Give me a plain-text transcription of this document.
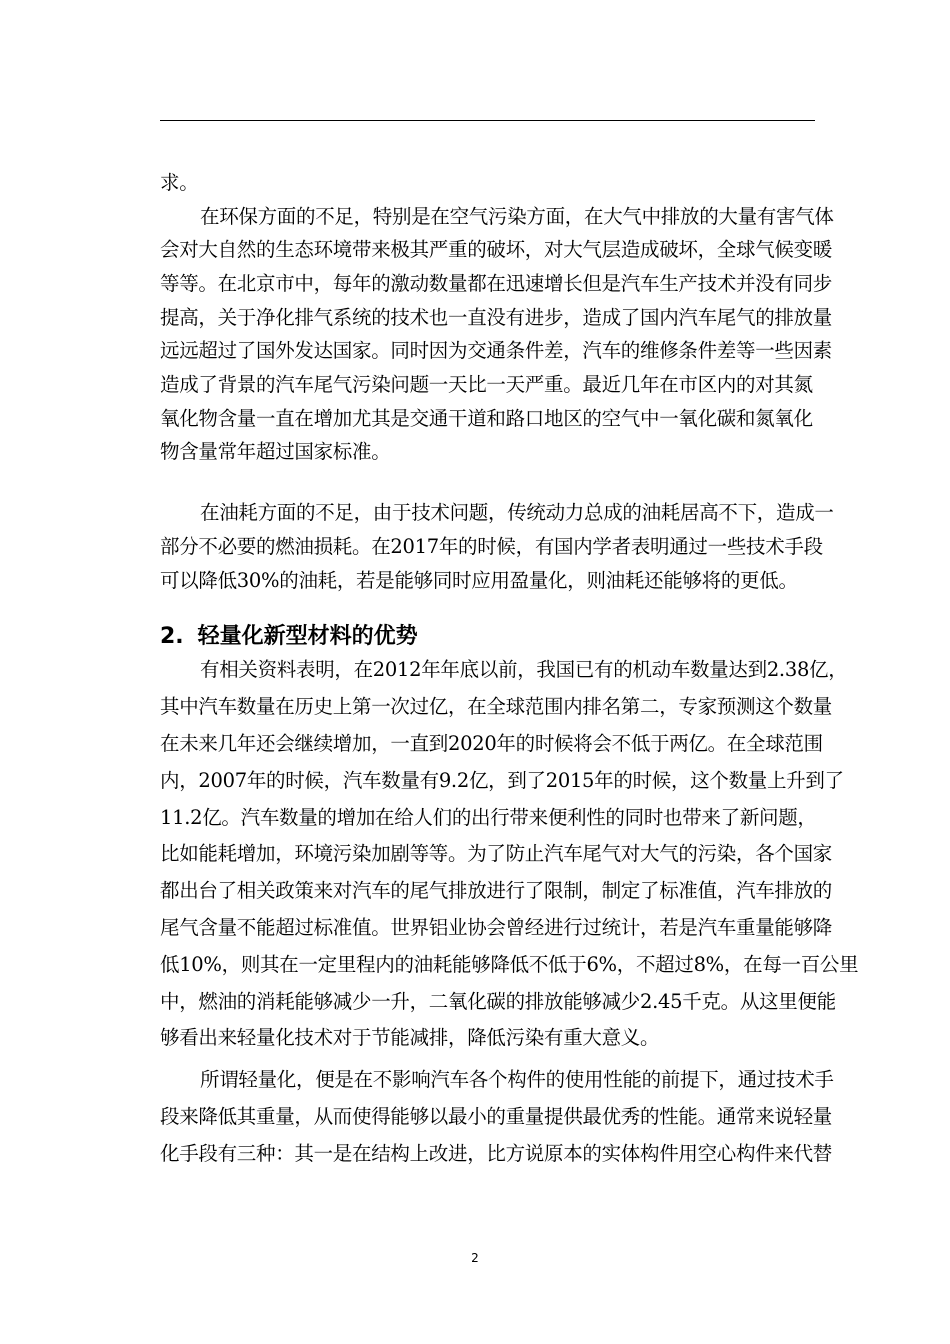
求。
在环保方面的不足，特别是在空气污染方面，在大气中排放的大量有害气体
会对大自然的生态环境带来极其严重的破坏，对大气层造成破坏，全球气候变暖
等等。在北京市中，每年的激动数量都在迅速增长但是汽车生产技术并没有同步
提高，关于净化排气系统的技术也一直没有进步，造成了国内汽车尾气的排放量
远远超过了国外发达国家。同时因为交通条件差，汽车的维修条件差等一些因素
造成了背景的汽车尾气污染问题一天比一天严重。最近几年在市区内的对其氮
氧化物含量一直在增加尤其是交通干道和路口地区的空气中一氧化碳和氮氧化
物含量常年超过国家标准。
在油耗方面的不足，由于技术问题，传统动力总成的油耗居高不下，造成一
部分不必要的燃油损耗。在2017年的时候，有国内学者表明通过一些技术手段
可以降低30%的油耗，若是能够同时应用盈量化，则油耗还能够将的更低。
2. 轻量化新型材料的优势
有相关资料表明，在2012年年底以前，我国已有的机动车数量达到2.38亿，
其中汽车数量在历史上第一次过亿，在全球范围内排名第二，专家预测这个数量
在未来几年还会继续增加，一直到2020年的时候将会不低于两亿。在全球范围
内，2007年的时候，汽车数量有9.2亿，到了2015年的时候，这个数量上升到了
11.2亿。汽车数量的增加在给人们的出行带来便利性的同时也带来了新问题，
比如能耗增加，环境污染加剧等等。为了防止汽车尾气对大气的污染，各个国家
都出台了相关政策来对汽车的尾气排放进行了限制，制定了标准值，汽车排放的
尾气含量不能超过标准值。世界铝业协会曾经进行过统计，若是汽车重量能够降
低10%，则其在一定里程内的油耗能够降低不低于6%，不超过8%，在每一百公里
中，燃油的消耗能够减少一升，二氧化碳的排放能够减少2.45千克。从这里便能
够看出来轻量化技术对于节能减排，降低污染有重大意义。
所谓轻量化，便是在不影响汽车各个构件的使用性能的前提下，通过技术手
段来降低其重量，从而使得能够以最小的重量提供最优秀的性能。通常来说轻量
化手段有三种：其一是在结构上改进，比方说原本的实体构件用空心构件来代替
2
